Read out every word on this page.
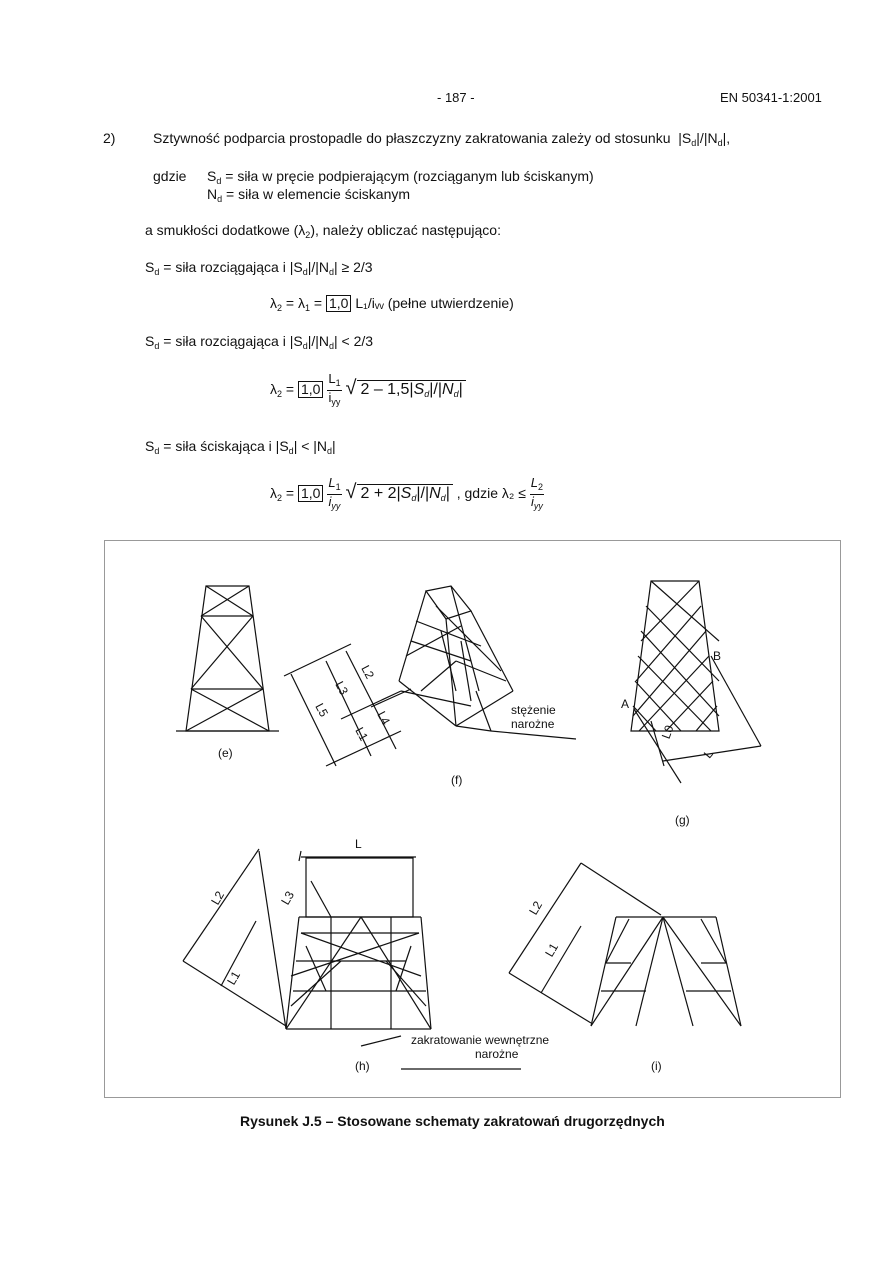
- 187 -	EN 50341-1:2001
2)	Sztywność podparcia prostopadle do płaszczyzny zakratowania zależy od stosunku  $|S_d|/|N_d|$,
gdzie $S_d$ = siła w pręcie podpierającym (rozciąganym lub ściskanym)
$N_d$ = siła w elemencie ściskanym
a smukłości dodatkowe $(\lambda_2)$, należy obliczać następująco:
$S_d$ = siła rozciągająca i $|S_d|/|N_d| \ge 2/3$
$\lambda_2 = \lambda_1 = 1,0$ L₁/iᵥᵥ (pełne utwierdzenie)
$S_d$ = siła rozciągająca i $|S_d|/|N_d| < 2/3$
$\lambda_2 = 1,0 \frac{L_1}{i_{yy}}$ √ $2 - 1,5|S_d|/|N_d|$
$S_d$ = siła ściskająca i $|S_d| < |N_d|$
$\lambda_2 = 1,0 \frac{L_1}{i_{yy}}$ √ $2 + 2|S_d|/|N_d|$ , gdzie $\lambda_2 \le \frac{L_2}{i_{yy}}$
(e)
(f)
(g)
(h)	(i)
stężenie
narożne
zakratowanie wewnętrzne
narożne
A
B
L
L0
L
L2	L3
L1
L2
L1
L2
L3
L5	L4
L1
Rysunek J.5 – Stosowane schematy zakratowań drugorzędnych
